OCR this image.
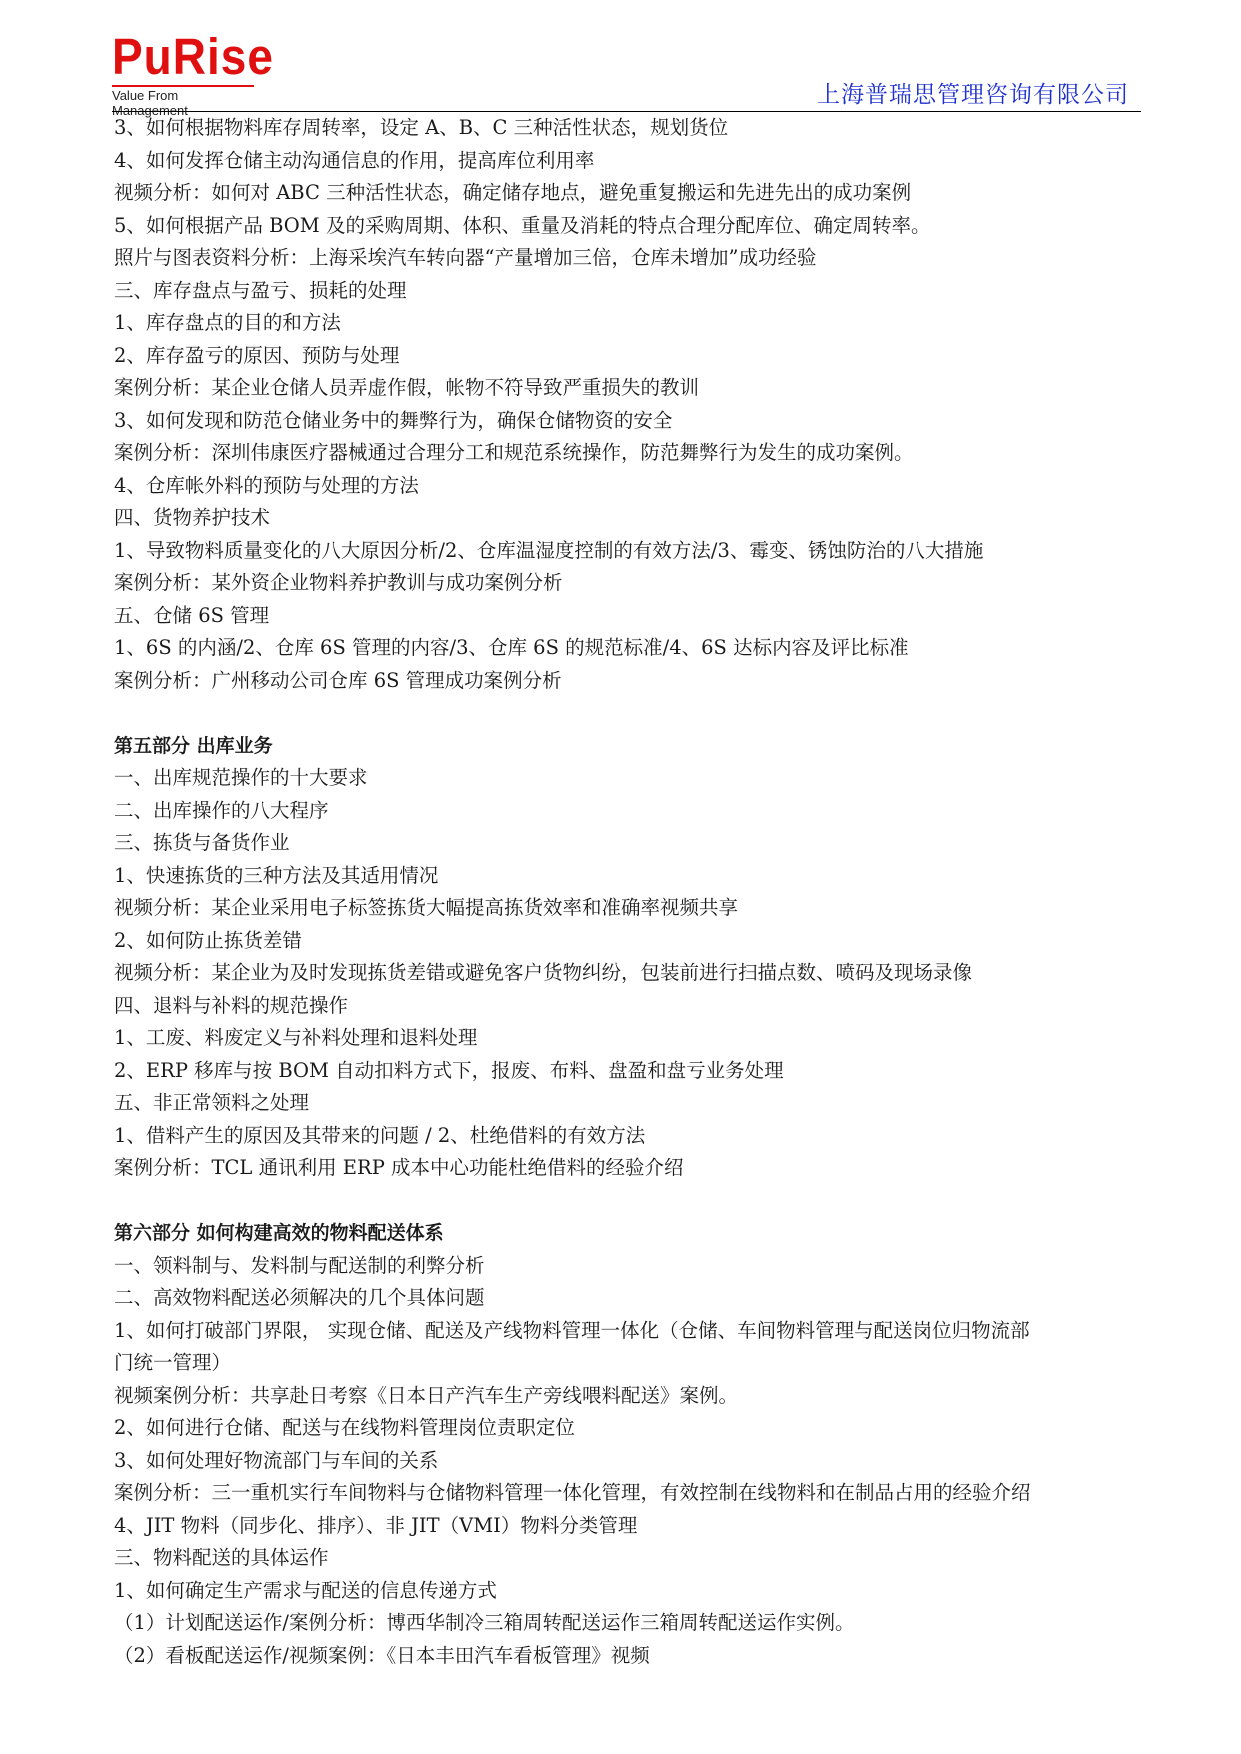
PuRise
Value From Management
上海普瑞思管理咨询有限公司
3、如何根据物料库存周转率，设定 A、B、C 三种活性状态，规划货位
4、如何发挥仓储主动沟通信息的作用，提高库位利用率
视频分析：如何对 ABC 三种活性状态，确定储存地点，避免重复搬运和先进先出的成功案例
5、如何根据产品 BOM 及的采购周期、体积、重量及消耗的特点合理分配库位、确定周转率。
照片与图表资料分析：上海采埃汽车转向器“产量增加三倍，仓库未增加”成功经验
三、库存盘点与盈亏、损耗的处理
1、库存盘点的目的和方法
2、库存盈亏的原因、预防与处理
案例分析：某企业仓储人员弄虚作假，帐物不符导致严重损失的教训
3、如何发现和防范仓储业务中的舞弊行为，确保仓储物资的安全
案例分析：深圳伟康医疗器械通过合理分工和规范系统操作，防范舞弊行为发生的成功案例。
4、仓库帐外料的预防与处理的方法
四、货物养护技术
1、导致物料质量变化的八大原因分析/2、仓库温湿度控制的有效方法/3、霉变、锈蚀防治的八大措施
案例分析：某外资企业物料养护教训与成功案例分析
五、仓储 6S 管理
1、6S 的内涵/2、仓库 6S 管理的内容/3、仓库 6S 的规范标准/4、6S 达标内容及评比标准
案例分析：广州移动公司仓库 6S 管理成功案例分析
第五部分 出库业务
一、出库规范操作的十大要求
二、出库操作的八大程序
三、拣货与备货作业
1、快速拣货的三种方法及其适用情况
视频分析：某企业采用电子标签拣货大幅提高拣货效率和准确率视频共享
2、如何防止拣货差错
视频分析：某企业为及时发现拣货差错或避免客户货物纠纷，包装前进行扫描点数、喷码及现场录像
四、退料与补料的规范操作
1、工废、料废定义与补料处理和退料处理
2、ERP 移库与按 BOM 自动扣料方式下，报废、布料、盘盈和盘亏业务处理
五、非正常领料之处理
1、借料产生的原因及其带来的问题 / 2、杜绝借料的有效方法
案例分析：TCL 通讯利用 ERP 成本中心功能杜绝借料的经验介绍
第六部分 如何构建高效的物料配送体系
一、领料制与、发料制与配送制的利弊分析
二、高效物料配送必须解决的几个具体问题
1、如何打破部门界限， 实现仓储、配送及产线物料管理一体化（仓储、车间物料管理与配送岗位归物流部
门统一管理）
视频案例分析：共享赴日考察《日本日产汽车生产旁线喂料配送》案例。
2、如何进行仓储、配送与在线物料管理岗位责职定位
3、如何处理好物流部门与车间的关系
案例分析：三一重机实行车间物料与仓储物料管理一体化管理，有效控制在线物料和在制品占用的经验介绍
4、JIT 物料（同步化、排序）、非 JIT（VMI）物料分类管理
三、物料配送的具体运作
1、如何确定生产需求与配送的信息传递方式
（1）计划配送运作/案例分析：博西华制冷三箱周转配送运作三箱周转配送运作实例。
（2）看板配送运作/视频案例：《日本丰田汽车看板管理》视频
